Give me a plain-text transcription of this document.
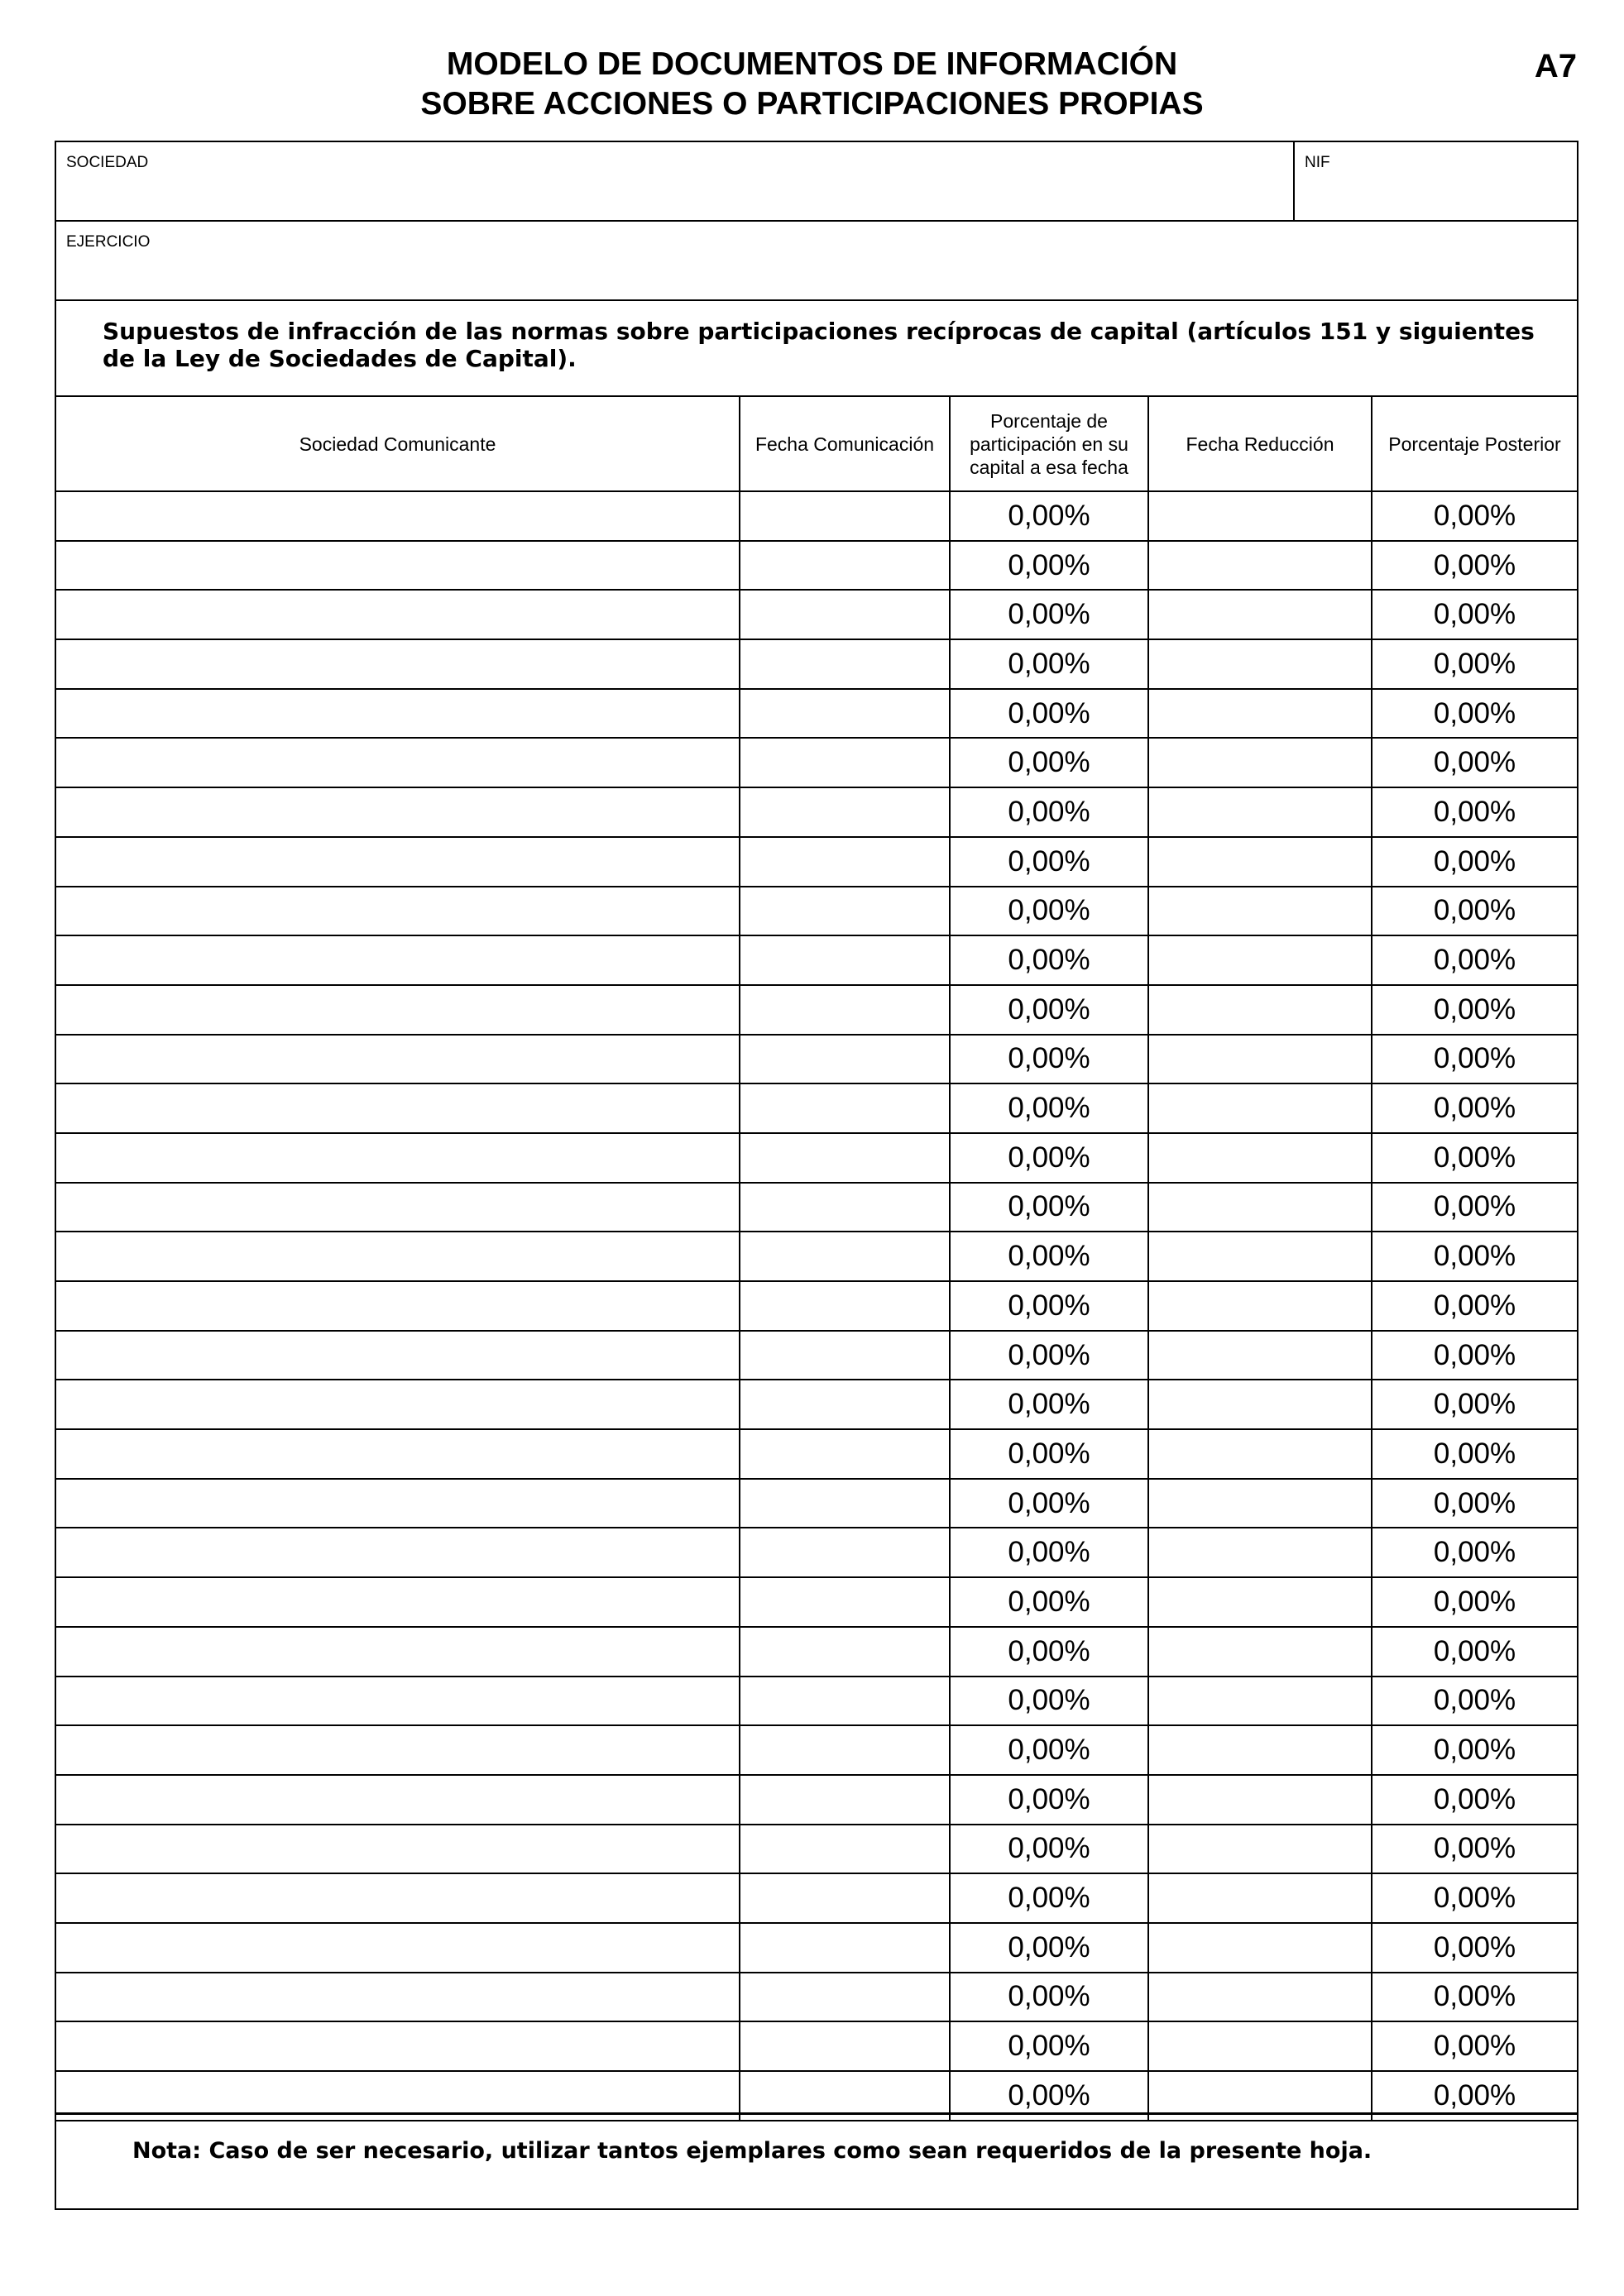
MODELO DE DOCUMENTOS DE INFORMACIÓN
SOBRE ACCIONES O PARTICIPACIONES PROPIAS
A7
SOCIEDAD	NIF
EJERCICIO
Supuestos de infracción de las normas sobre participaciones recíprocas de capital (artículos 151 y siguientes de la Ley de Sociedades de Capital).
Sociedad Comunicante	Fecha Comunicación	Porcentaje de participación en su capital a esa fecha	Fecha Reducción	Porcentaje Posterior
		0,00%		0,00%
		0,00%		0,00%
		0,00%		0,00%
		0,00%		0,00%
		0,00%		0,00%
		0,00%		0,00%
		0,00%		0,00%
		0,00%		0,00%
		0,00%		0,00%
		0,00%		0,00%
		0,00%		0,00%
		0,00%		0,00%
		0,00%		0,00%
		0,00%		0,00%
		0,00%		0,00%
		0,00%		0,00%
		0,00%		0,00%
		0,00%		0,00%
		0,00%		0,00%
		0,00%		0,00%
		0,00%		0,00%
		0,00%		0,00%
		0,00%		0,00%
		0,00%		0,00%
		0,00%		0,00%
		0,00%		0,00%
		0,00%		0,00%
		0,00%		0,00%
		0,00%		0,00%
		0,00%		0,00%
		0,00%		0,00%
		0,00%		0,00%
		0,00%		0,00%
Nota: Caso de ser necesario, utilizar tantos ejemplares como sean requeridos de la presente hoja.
